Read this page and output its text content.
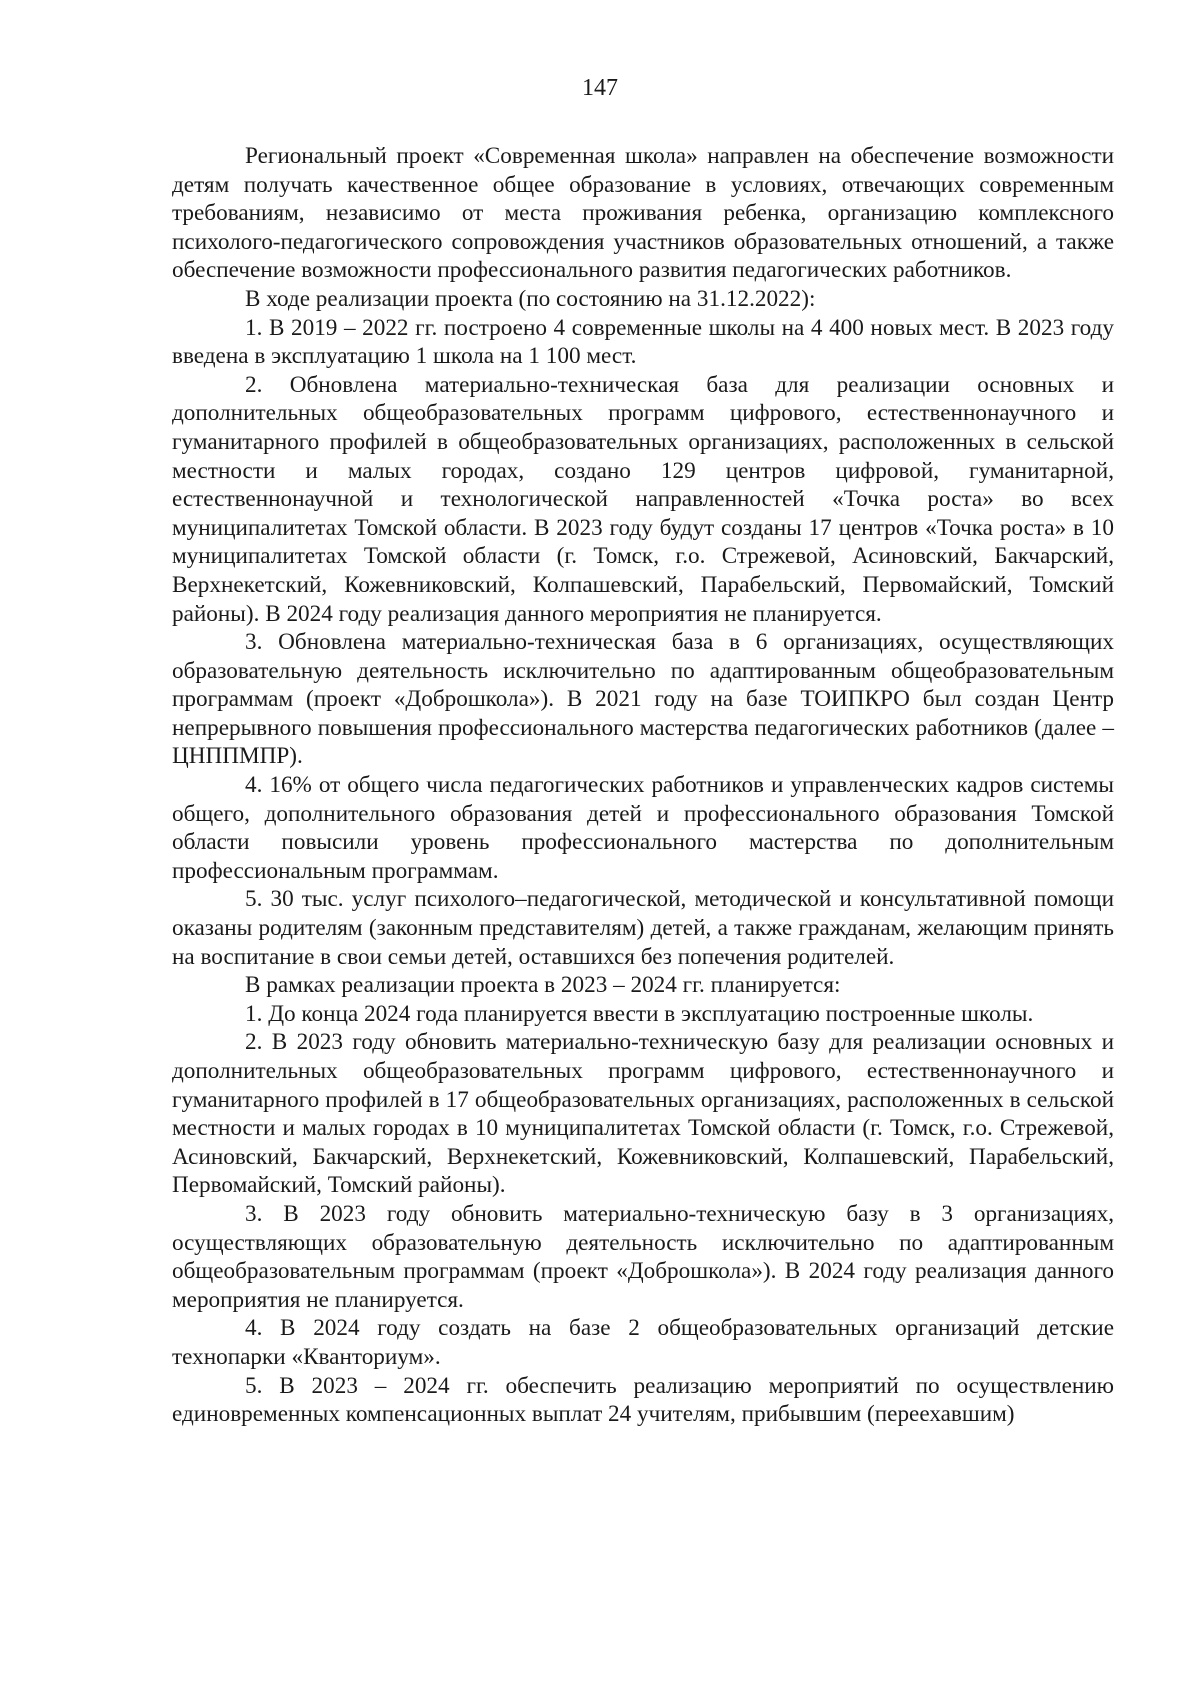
147

Региональный проект «Современная школа» направлен на обеспечение возможности детям получать качественное общее образование в условиях, отвечающих современным требованиям, независимо от места проживания ребенка, организацию комплексного психолого-педагогического сопровождения участников образовательных отношений, а также обеспечение возможности профессионального развития педагогических работников.

В ходе реализации проекта (по состоянию на 31.12.2022):

1. В 2019 – 2022 гг. построено 4 современные школы на 4 400 новых мест. В 2023 году введена в эксплуатацию 1 школа на 1 100 мест.

2. Обновлена материально-техническая база для реализации основных и дополнительных общеобразовательных программ цифрового, естественнонаучного и гуманитарного профилей в общеобразовательных организациях, расположенных в сельской местности и малых городах, создано 129 центров цифровой, гуманитарной, естественнонаучной и технологической направленностей «Точка роста» во всех муниципалитетах Томской области. В 2023 году будут созданы 17 центров «Точка роста» в 10 муниципалитетах Томской области (г. Томск, г.о. Стрежевой, Асиновский, Бакчарский, Верхнекетский, Кожевниковский, Колпашевский, Парабельский, Первомайский, Томский районы). В 2024 году реализация данного мероприятия не планируется.

3. Обновлена материально-техническая база в 6 организациях, осуществляющих образовательную деятельность исключительно по адаптированным общеобразовательным программам (проект «Доброшкола»). В 2021 году на базе ТОИПКРО был создан Центр непрерывного повышения профессионального мастерства педагогических работников (далее – ЦНППМПР).

4. 16% от общего числа педагогических работников и управленческих кадров системы общего, дополнительного образования детей и профессионального образования Томской области повысили уровень профессионального мастерства по дополнительным профессиональным программам.

5. 30 тыс. услуг психолого–педагогической, методической и консультативной помощи оказаны родителям (законным представителям) детей, а также гражданам, желающим принять на воспитание в свои семьи детей, оставшихся без попечения родителей.

В рамках реализации проекта в 2023 – 2024 гг. планируется:

1. До конца 2024 года планируется ввести в эксплуатацию построенные школы.

2. В 2023 году обновить материально-техническую базу для реализации основных и дополнительных общеобразовательных программ цифрового, естественнонаучного и гуманитарного профилей в 17 общеобразовательных организациях, расположенных в сельской местности и малых городах в 10 муниципалитетах Томской области (г. Томск, г.о. Стрежевой, Асиновский, Бакчарский, Верхнекетский, Кожевниковский, Колпашевский, Парабельский, Первомайский, Томский районы).

3. В 2023 году обновить материально-техническую базу в 3 организациях, осуществляющих образовательную деятельность исключительно по адаптированным общеобразовательным программам (проект «Доброшкола»). В 2024 году реализация данного мероприятия не планируется.

4. В 2024 году создать на базе 2 общеобразовательных организаций детские технопарки «Кванториум».

5. В 2023 – 2024 гг. обеспечить реализацию мероприятий по осуществлению единовременных компенсационных выплат 24 учителям, прибывшим (переехавшим)
